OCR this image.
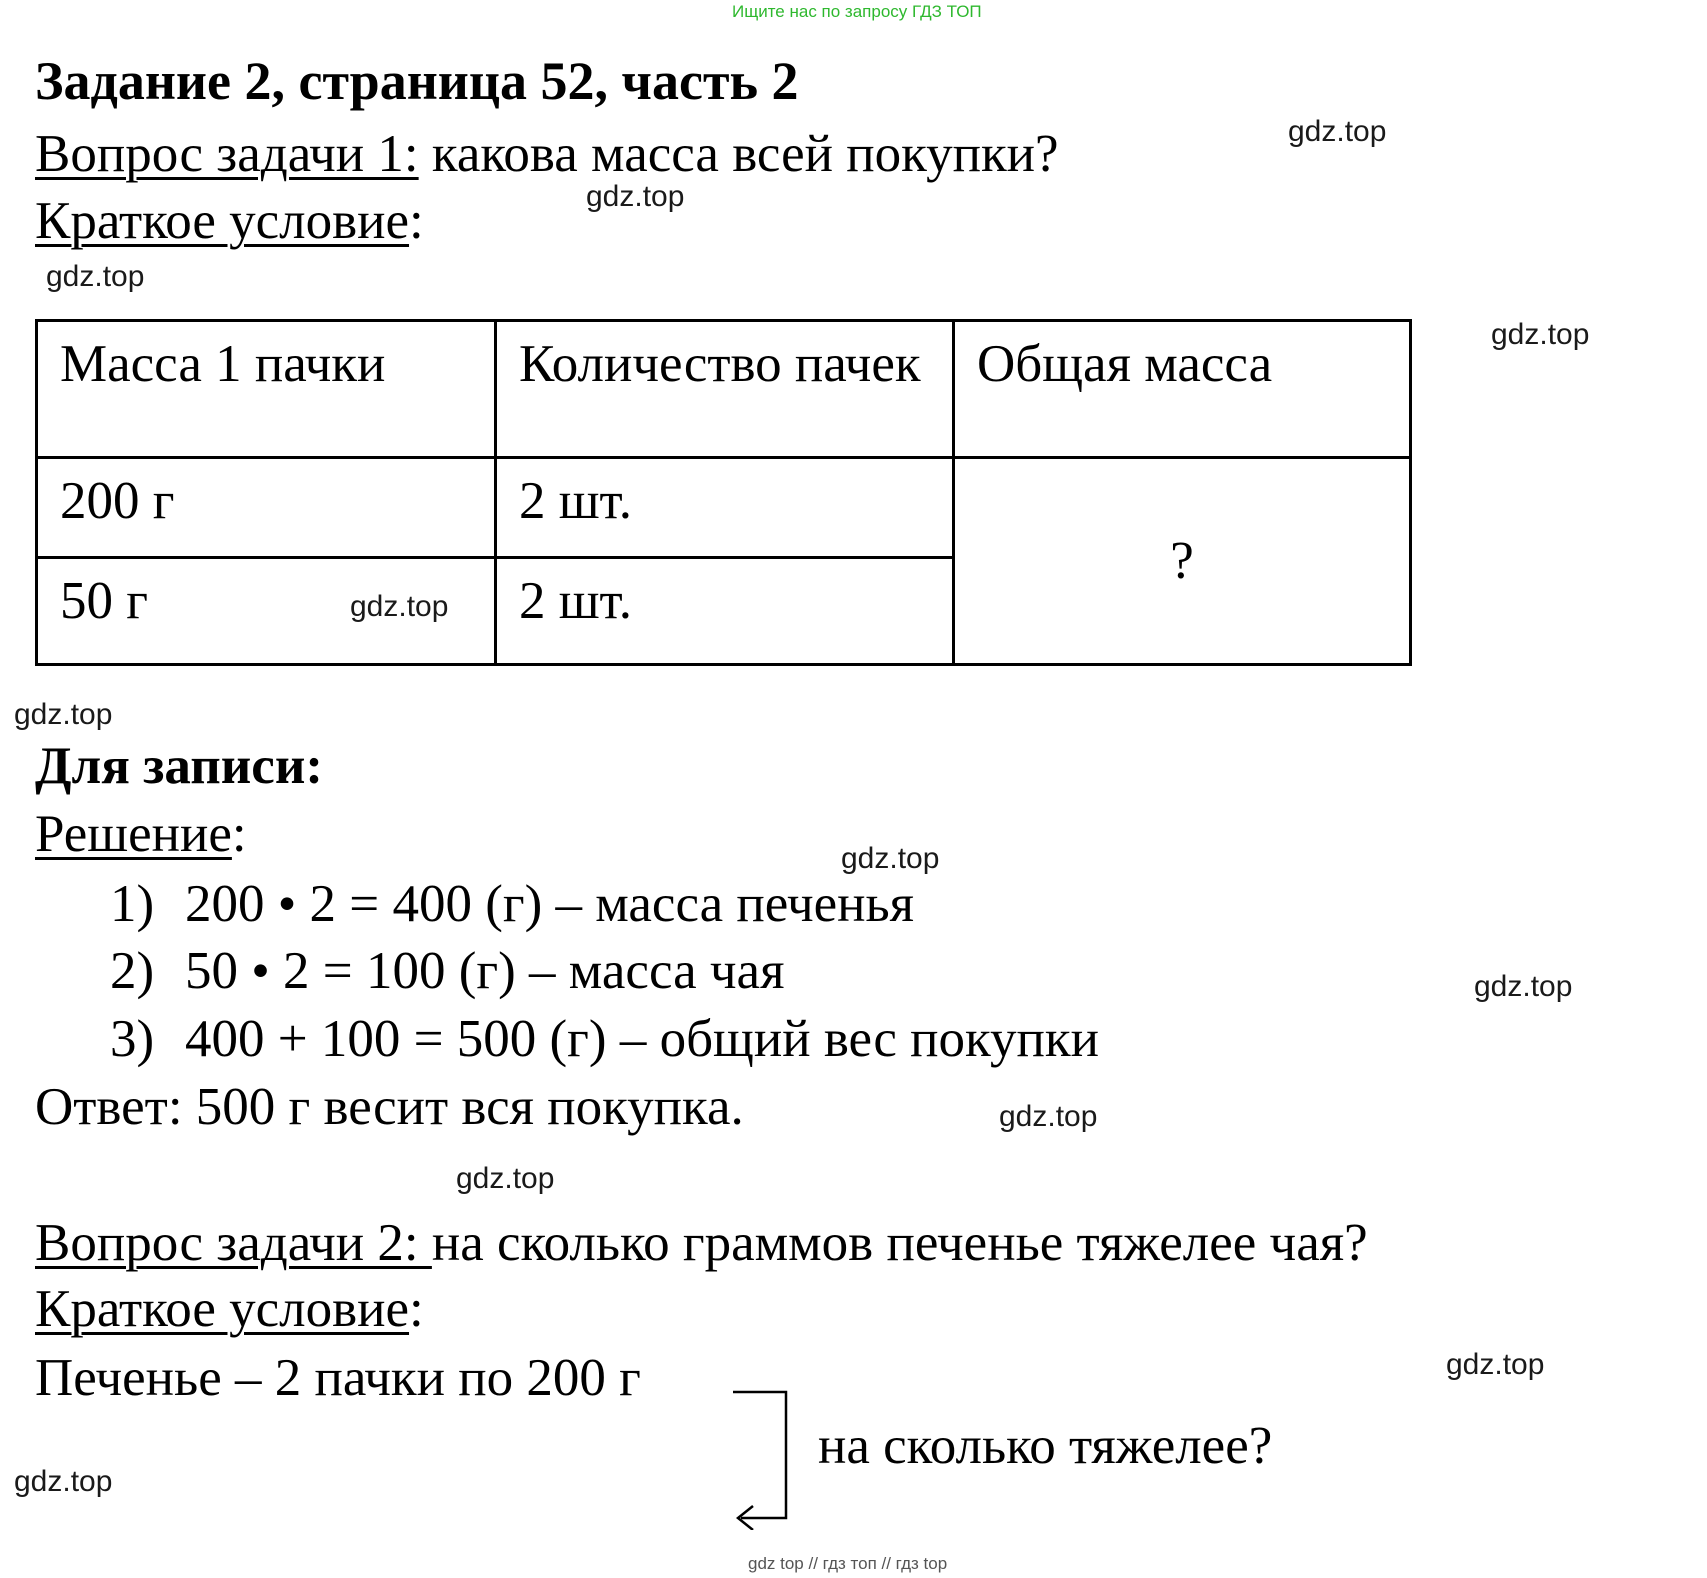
Ищите нас по запросу ГДЗ ТОП
gdz top // гдз топ // гдз top
Задание 2, страница 52, часть 2
Вопрос задачи 1: какова масса всей покупки?
Краткое условие:
Масса 1 пачки	Количество пачек	Общая масса
200 г	2 шт.	?
50 г	2 шт.	
Для записи:
Решение:
1) 200 • 2 = 400 (г) – масса печенья
2) 50 • 2 = 100 (г) – масса чая
3) 400 + 100 = 500 (г) – общий вес покупки
Ответ: 500 г весит вся покупка.
Вопрос задачи 2: на сколько граммов печенье тяжелее чая?
Краткое условие:
Печенье – 2 пачки по 200 г
на сколько тяжелее?
gdz.top
gdz.top
gdz.top
gdz.top
gdz.top
gdz.top
gdz.top
gdz.top
gdz.top
gdz.top
gdz.top
gdz.top
